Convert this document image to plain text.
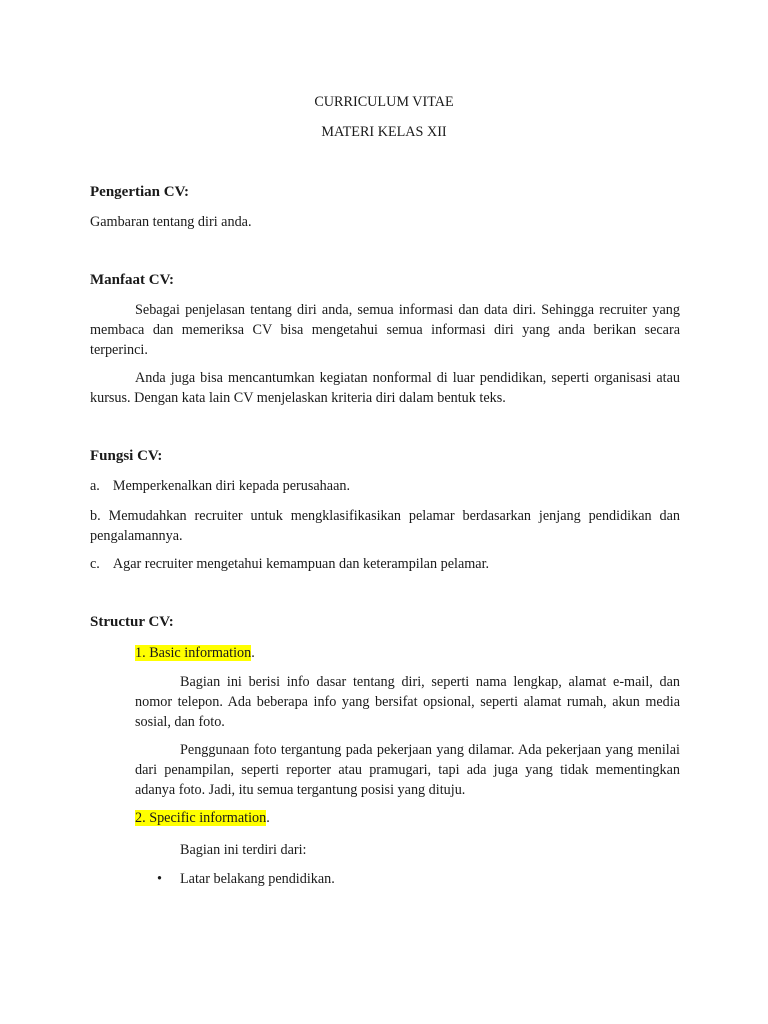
CURRICULUM VITAE
MATERI KELAS XII
Pengertian CV:
Gambaran tentang diri anda.
Manfaat CV:
Sebagai penjelasan tentang diri anda, semua informasi dan data diri. Sehingga recruiter yang membaca dan memeriksa CV bisa mengetahui semua informasi diri yang anda berikan secara terperinci.
Anda juga bisa mencantumkan kegiatan nonformal di luar pendidikan, seperti organisasi atau kursus. Dengan kata lain CV menjelaskan kriteria diri dalam bentuk teks.
Fungsi CV:
a. Memperkenalkan diri kepada perusahaan.
b. Memudahkan recruiter untuk mengklasifikasikan pelamar berdasarkan jenjang pendidikan dan pengalamannya.
c. Agar recruiter mengetahui kemampuan dan keterampilan pelamar.
Structur CV:
1. Basic information.
Bagian ini berisi info dasar tentang diri, seperti nama lengkap, alamat e-mail, dan nomor telepon. Ada beberapa info yang bersifat opsional, seperti alamat rumah, akun media sosial, dan foto.
Penggunaan foto tergantung pada pekerjaan yang dilamar. Ada pekerjaan yang menilai dari penampilan, seperti reporter atau pramugari, tapi ada juga yang tidak mementingkan adanya foto. Jadi, itu semua tergantung posisi yang dituju.
2. Specific information.
Bagian ini terdiri dari:
• Latar belakang pendidikan.
